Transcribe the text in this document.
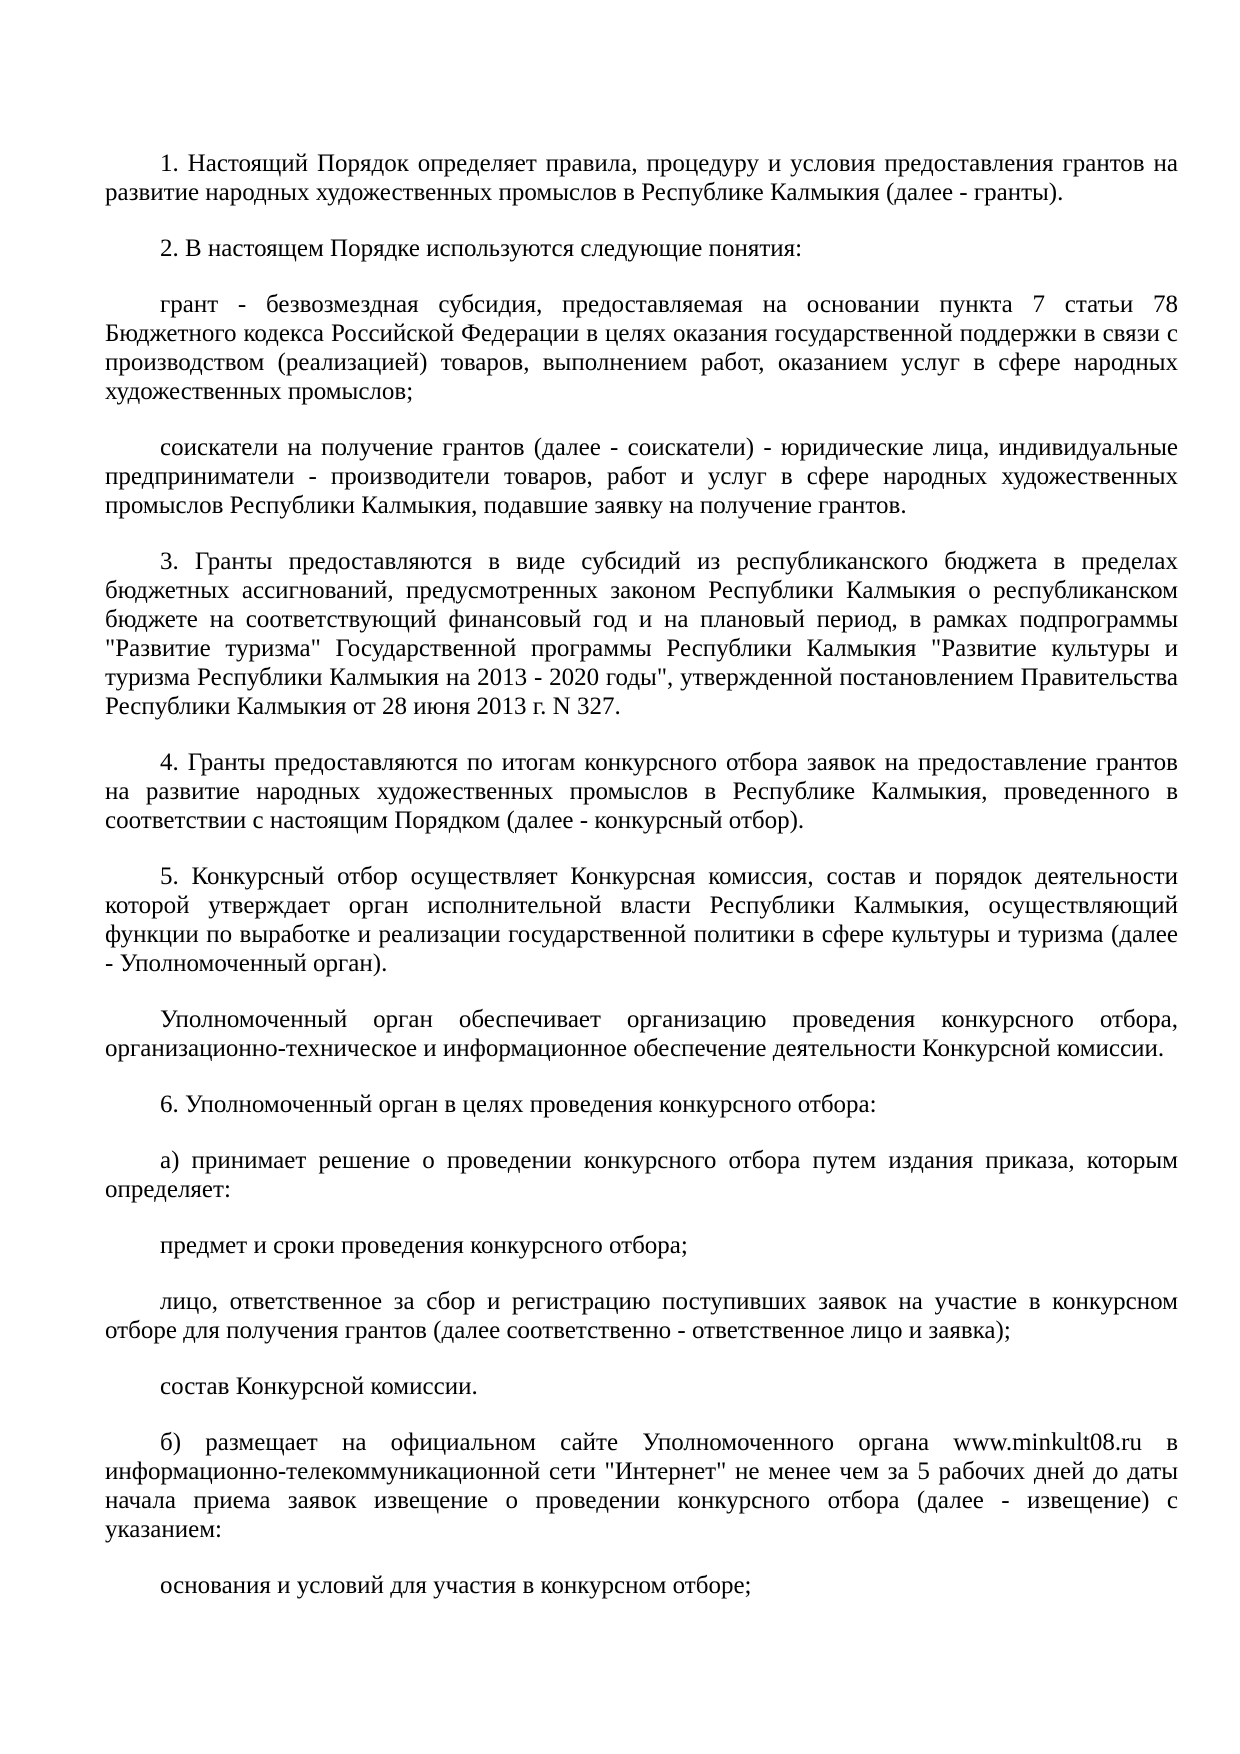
1. Настоящий Порядок определяет правила, процедуру и условия предоставления грантов на развитие народных художественных промыслов в Республике Калмыкия (далее - гранты).

2. В настоящем Порядке используются следующие понятия:

грант - безвозмездная субсидия, предоставляемая на основании пункта 7 статьи 78 Бюджетного кодекса Российской Федерации в целях оказания государственной поддержки в связи с производством (реализацией) товаров, выполнением работ, оказанием услуг в сфере народных художественных промыслов;

соискатели на получение грантов (далее - соискатели) - юридические лица, индивидуальные предприниматели - производители товаров, работ и услуг в сфере народных художественных промыслов Республики Калмыкия, подавшие заявку на получение грантов.

3. Гранты предоставляются в виде субсидий из республиканского бюджета в пределах бюджетных ассигнований, предусмотренных законом Республики Калмыкия о республиканском бюджете на соответствующий финансовый год и на плановый период, в рамках подпрограммы "Развитие туризма" Государственной программы Республики Калмыкия "Развитие культуры и туризма Республики Калмыкия на 2013 - 2020 годы", утвержденной постановлением Правительства Республики Калмыкия от 28 июня 2013 г. N 327.

4. Гранты предоставляются по итогам конкурсного отбора заявок на предоставление грантов на развитие народных художественных промыслов в Республике Калмыкия, проведенного в соответствии с настоящим Порядком (далее - конкурсный отбор).

5. Конкурсный отбор осуществляет Конкурсная комиссия, состав и порядок деятельности которой утверждает орган исполнительной власти Республики Калмыкия, осуществляющий функции по выработке и реализации государственной политики в сфере культуры и туризма (далее - Уполномоченный орган).

Уполномоченный орган обеспечивает организацию проведения конкурсного отбора, организационно-техническое и информационное обеспечение деятельности Конкурсной комиссии.

6. Уполномоченный орган в целях проведения конкурсного отбора:

а) принимает решение о проведении конкурсного отбора путем издания приказа, которым определяет:

предмет и сроки проведения конкурсного отбора;

лицо, ответственное за сбор и регистрацию поступивших заявок на участие в конкурсном отборе для получения грантов (далее соответственно - ответственное лицо и заявка);

состав Конкурсной комиссии.

б) размещает на официальном сайте Уполномоченного органа www.minkult08.ru в информационно-телекоммуникационной сети "Интернет" не менее чем за 5 рабочих дней до даты начала приема заявок извещение о проведении конкурсного отбора (далее - извещение) с указанием:

основания и условий для участия в конкурсном отборе;
